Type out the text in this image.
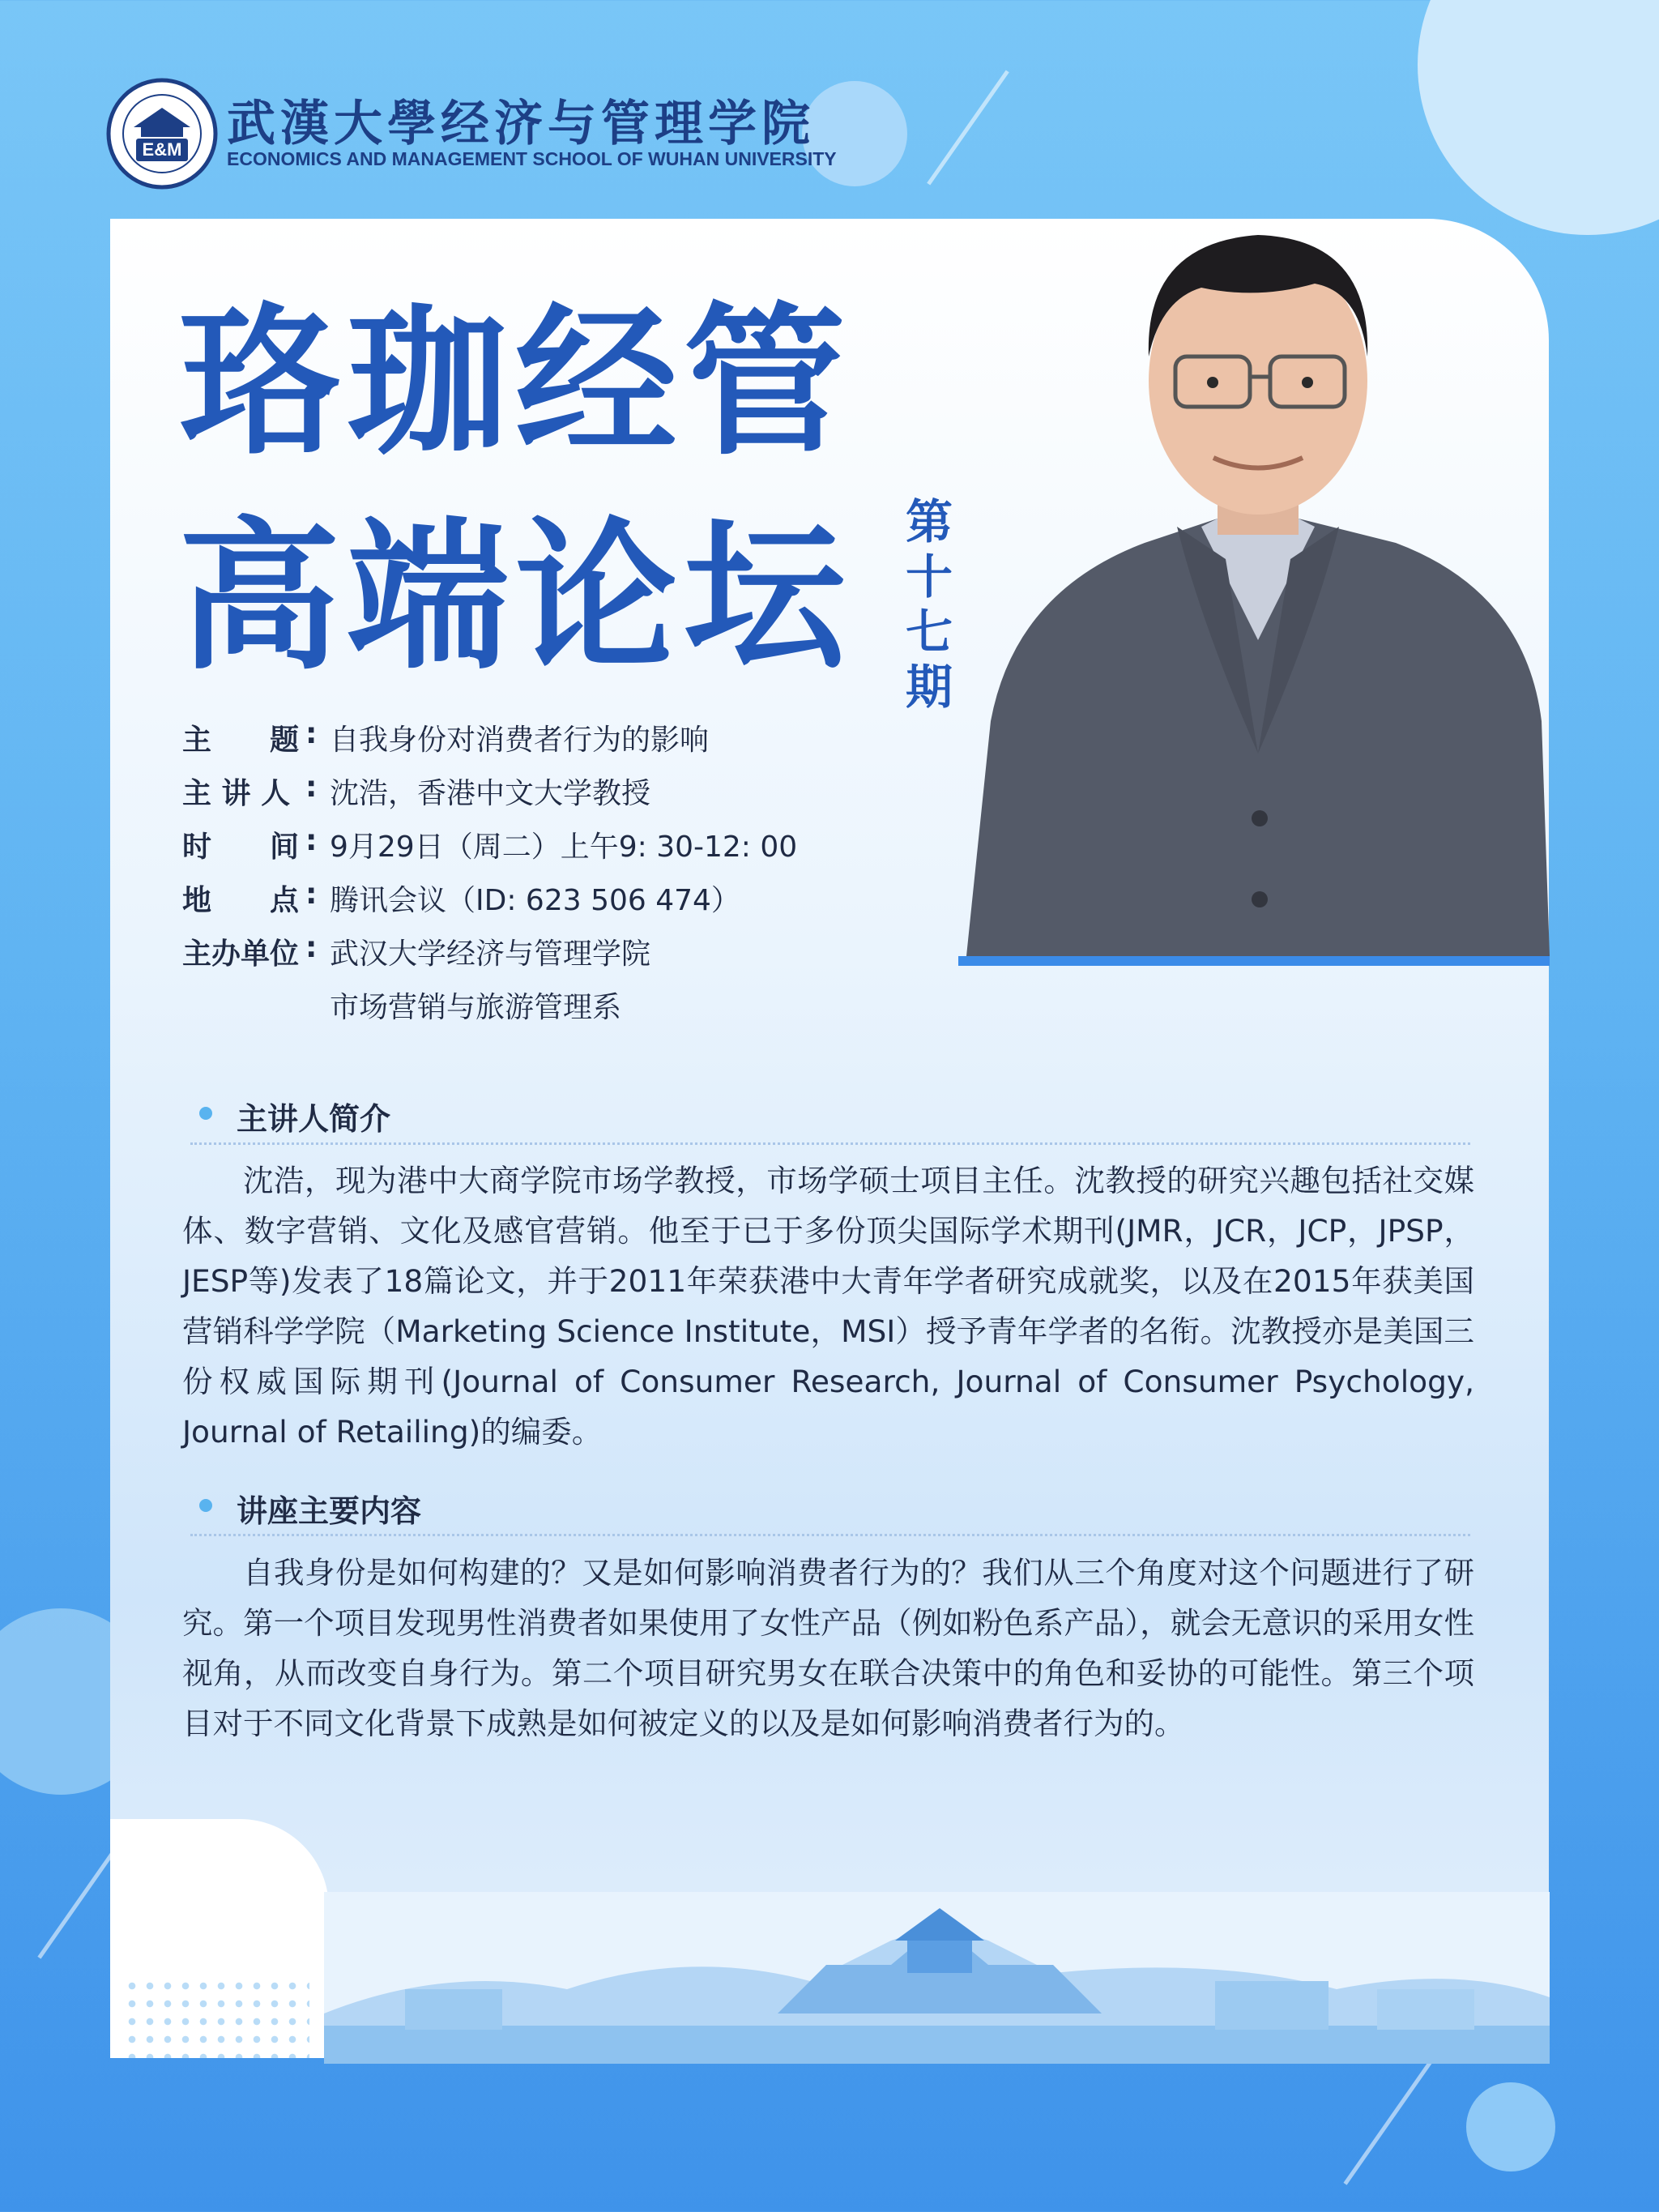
E&M 武漢大學经济与管理学院
ECONOMICS AND MANAGEMENT SCHOOL OF WUHAN UNIVERSITY
珞珈经管
高端论坛	第十七期
主　　题 : 自我身份对消费者行为的影响
主 讲 人 : 沈浩，香港中文大学教授
时　　间 : 9月29日（周二）上午9: 30-12: 00
地　　点 : 腾讯会议（ID: 623 506 474）
主办单位 : 武汉大学经济与管理学院
市场营销与旅游管理系
主讲人简介
沈浩，现为港中大商学院市场学教授，市场学硕士项目主任。沈教授的研究兴趣包括社交媒体、数字营销、文化及感官营销。他至于已于多份顶尖国际学术期刊(JMR，JCR，JCP，JPSP，JESP等)发表了18篇论文，并于2011年荣获港中大青年学者研究成就奖，以及在2015年获美国营销科学学院（Marketing Science Institute，MSI）授予青年学者的名衔。沈教授亦是美国三份权威国际期刊(Journal of Consumer Research, Journal of Consumer Psychology, Journal of Retailing)的编委。
讲座主要内容
自我身份是如何构建的？又是如何影响消费者行为的？我们从三个角度对这个问题进行了研究。第一个项目发现男性消费者如果使用了女性产品（例如粉色系产品），就会无意识的采用女性视角，从而改变自身行为。第二个项目研究男女在联合决策中的角色和妥协的可能性。第三个项目对于不同文化背景下成熟是如何被定义的以及是如何影响消费者行为的。
